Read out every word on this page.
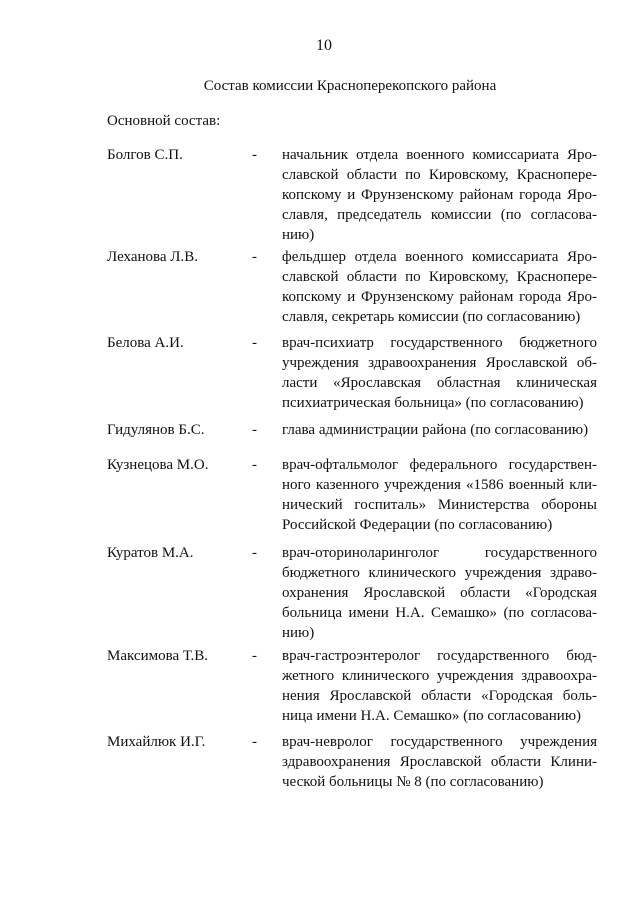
10
Состав комиссии Красноперекопского района
Основной состав:
Болгов С.П.	- начальник отдела военного комиссариата Ярославской области по Кировскому, Красноперeкопскому и Фрунзенскому районам города Ярославля, председатель комиссии (по согласованию)
Леханова Л.В.	- фельдшер отдела военного комиссариата Ярославской области по Кировскому, Красноперeкопскому и Фрунзенскому районам города Ярославля, секретарь комиссии (по согласованию)
Белова А.И.	- врач-психиатр государственного бюджетного учреждения здравоохранения Ярославской области «Ярославская областная клиническая психиатрическая больница» (по согласованию)
Гидулянов Б.С.	- глава администрации района (по согласованию)
Кузнецова М.О.	- врач-офтальмолог федерального государственного казенного учреждения «1586 военный клинический госпиталь» Министерства обороны Российской Федерации (по согласованию)
Куратов М.А.	- врач-оториноларинголог государственного бюджетного клинического учреждения здравоохранения Ярославской области «Городская больница имени Н.А. Семашко» (по согласованию)
Максимова Т.В.	- врач-гастроэнтеролог государственного бюджетного клинического учреждения здравоохранения Ярославской области «Городская больница имени Н.А. Семашко» (по согласованию)
Михайлюк И.Г.	- врач-невролог государственного учреждения здравоохранения Ярославской области Клинической больницы № 8 (по согласованию)
